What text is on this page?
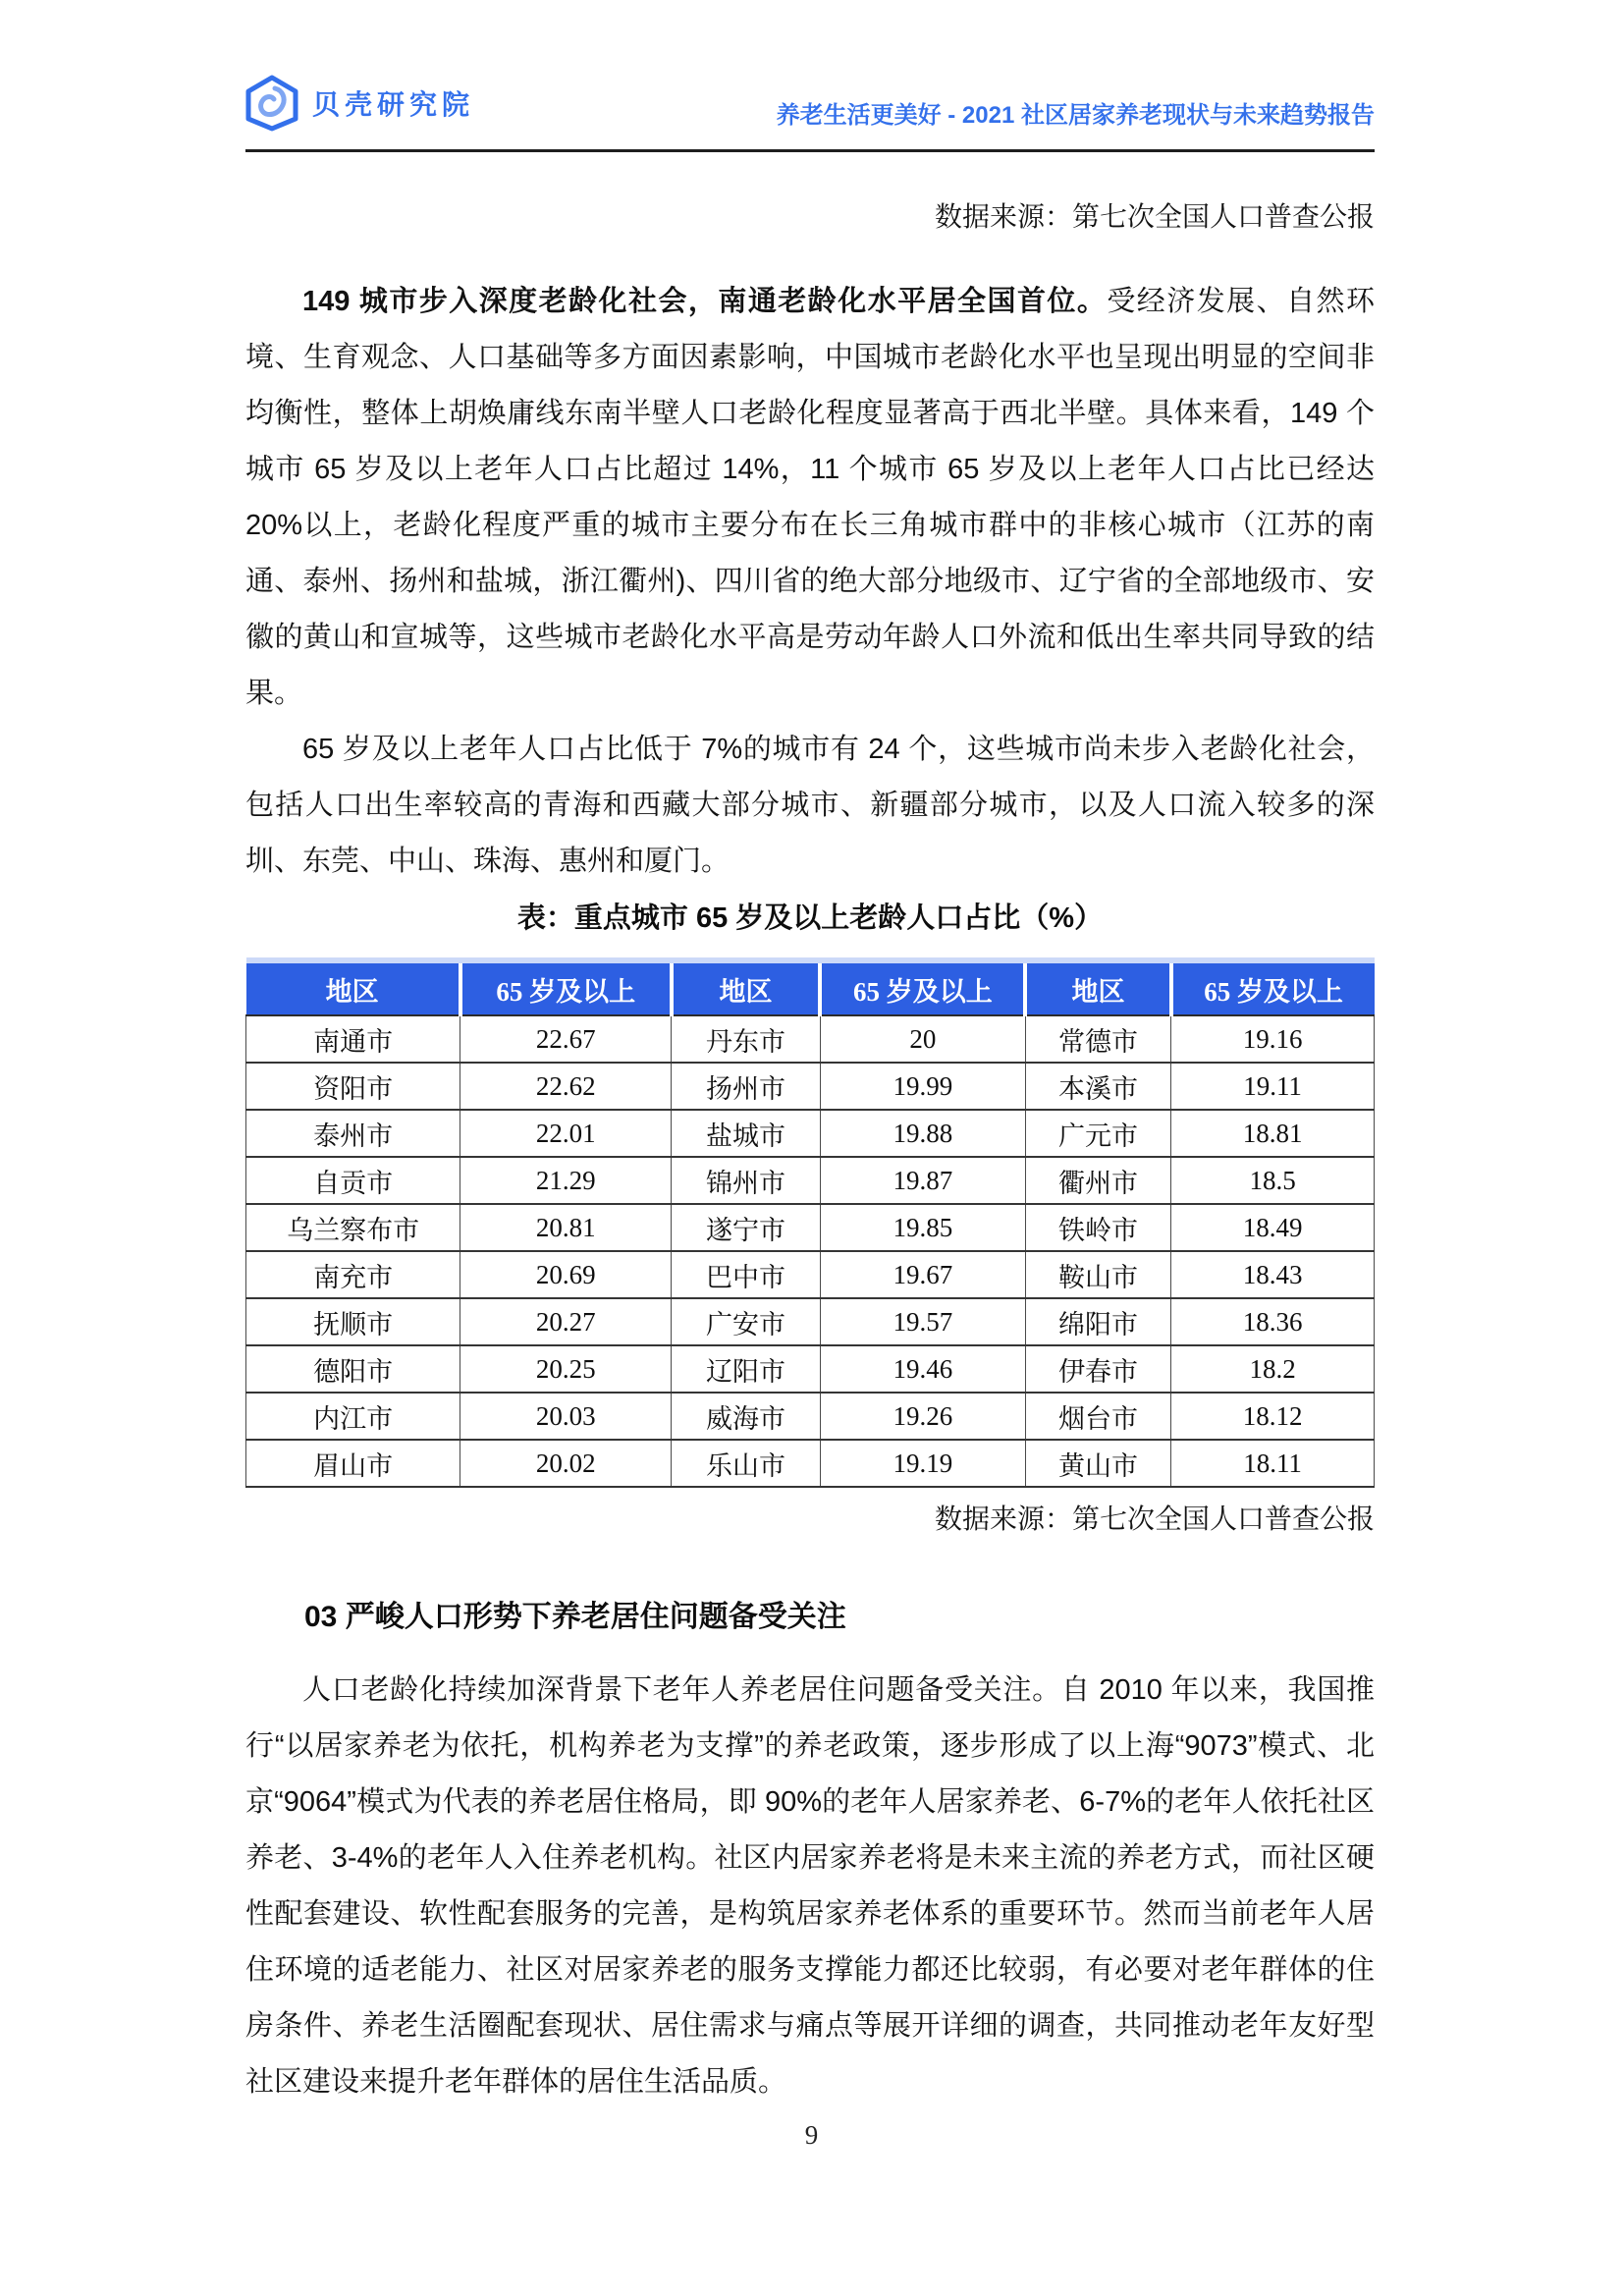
贝壳研究院	养老生活更美好 - 2021 社区居家养老现状与未来趋势报告
数据来源：第七次全国人口普查公报

149 城市步入深度老龄化社会，南通老龄化水平居全国首位。受经济发展、自然环境、生育观念、人口基础等多方面因素影响，中国城市老龄化水平也呈现出明显的空间非均衡性，整体上胡焕庸线东南半壁人口老龄化程度显著高于西北半壁。具体来看，149 个城市 65 岁及以上老年人口占比超过 14%，11 个城市 65 岁及以上老年人口占比已经达 20%以上，老龄化程度严重的城市主要分布在长三角城市群中的非核心城市（江苏的南通、泰州、扬州和盐城，浙江衢州)、四川省的绝大部分地级市、辽宁省的全部地级市、安徽的黄山和宣城等，这些城市老龄化水平高是劳动年龄人口外流和低出生率共同导致的结果。

65 岁及以上老年人口占比低于 7%的城市有 24 个，这些城市尚未步入老龄化社会，包括人口出生率较高的青海和西藏大部分城市、新疆部分城市，以及人口流入较多的深圳、东莞、中山、珠海、惠州和厦门。

表：重点城市 65 岁及以上老龄人口占比（%）
地区	65 岁及以上	地区	65 岁及以上	地区	65 岁及以上
南通市	22.67	丹东市	20	常德市	19.16
资阳市	22.62	扬州市	19.99	本溪市	19.11
泰州市	22.01	盐城市	19.88	广元市	18.81
自贡市	21.29	锦州市	19.87	衢州市	18.5
乌兰察布市	20.81	遂宁市	19.85	铁岭市	18.49
南充市	20.69	巴中市	19.67	鞍山市	18.43
抚顺市	20.27	广安市	19.57	绵阳市	18.36
德阳市	20.25	辽阳市	19.46	伊春市	18.2
内江市	20.03	威海市	19.26	烟台市	18.12
眉山市	20.02	乐山市	19.19	黄山市	18.11
数据来源：第七次全国人口普查公报
03 严峻人口形势下养老居住问题备受关注

人口老龄化持续加深背景下老年人养老居住问题备受关注。自 2010 年以来，我国推行“以居家养老为依托，机构养老为支撑”的养老政策，逐步形成了以上海“9073”模式、北京“9064”模式为代表的养老居住格局，即 90%的老年人居家养老、6-7%的老年人依托社区养老、3-4%的老年人入住养老机构。社区内居家养老将是未来主流的养老方式，而社区硬性配套建设、软性配套服务的完善，是构筑居家养老体系的重要环节。然而当前老年人居住环境的适老能力、社区对居家养老的服务支撑能力都还比较弱，有必要对老年群体的住房条件、养老生活圈配套现状、居住需求与痛点等展开详细的调查，共同推动老年友好型社区建设来提升老年群体的居住生活品质。

9
